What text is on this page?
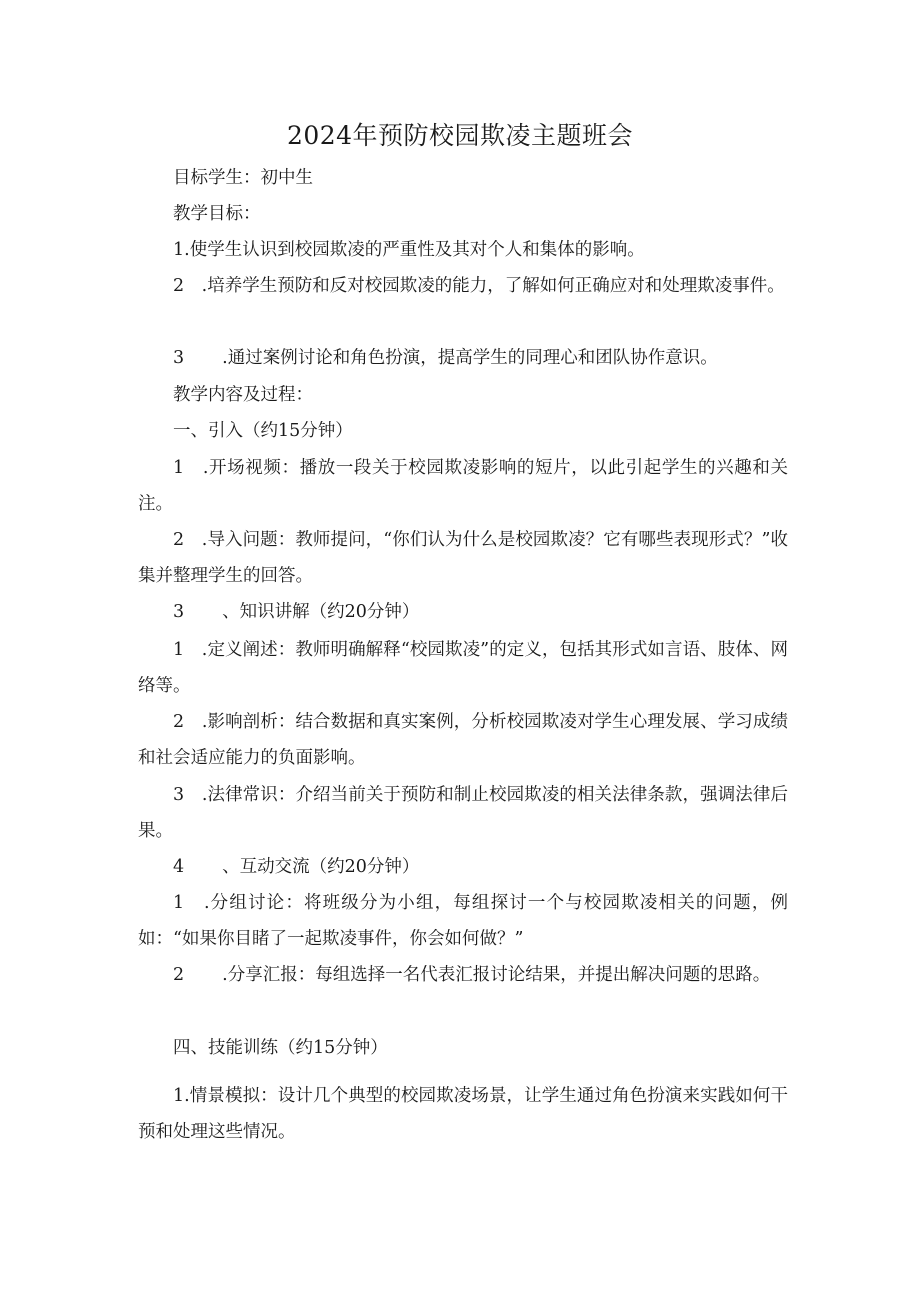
2024年预防校园欺凌主题班会
目标学生：初中生
教学目标：
1.使学生认识到校园欺凌的严重性及其对个人和集体的影响。
2　.培养学生预防和反对校园欺凌的能力，了解如何正确应对和处理欺凌事件。
3 .通过案例讨论和角色扮演，提高学生的同理心和团队协作意识。
教学内容及过程：
一、引入（约15分钟）
1　.开场视频：播放一段关于校园欺凌影响的短片，以此引起学生的兴趣和关注。
2　.导入问题：教师提问，“你们认为什么是校园欺凌？它有哪些表现形式？”收集并整理学生的回答。
3 、知识讲解（约20分钟）
1　.定义阐述：教师明确解释“校园欺凌”的定义，包括其形式如言语、肢体、网络等。
2　.影响剖析：结合数据和真实案例，分析校园欺凌对学生心理发展、学习成绩和社会适应能力的负面影响。
3　.法律常识：介绍当前关于预防和制止校园欺凌的相关法律条款，强调法律后果。
4 、互动交流（约20分钟）
1　.分组讨论：将班级分为小组，每组探讨一个与校园欺凌相关的问题，例如：“如果你目睹了一起欺凌事件，你会如何做？”
2 .分享汇报：每组选择一名代表汇报讨论结果，并提出解决问题的思路。
四、技能训练（约15分钟）
1.情景模拟：设计几个典型的校园欺凌场景，让学生通过角色扮演来实践如何干预和处理这些情况。
